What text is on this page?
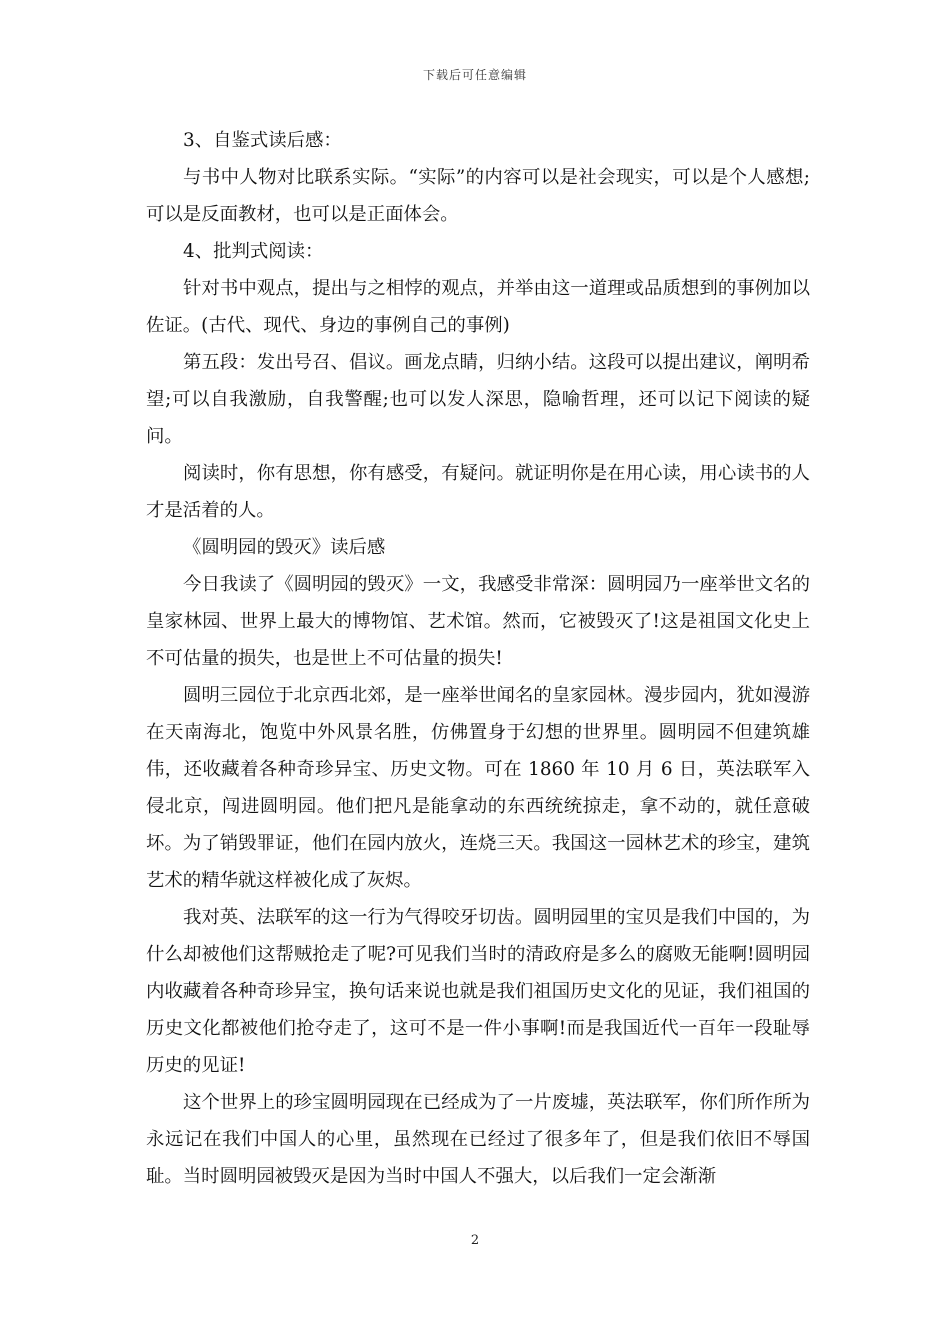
下载后可任意编辑

3、自鉴式读后感：

与书中人物对比联系实际。“实际”的内容可以是社会现实，可以是个人感想;可以是反面教材，也可以是正面体会。

4、批判式阅读：

针对书中观点，提出与之相悖的观点，并举由这一道理或品质想到的事例加以佐证。(古代、现代、身边的事例自己的事例)

第五段：发出号召、倡议。画龙点睛，归纳小结。这段可以提出建议，阐明希望;可以自我激励，自我警醒;也可以发人深思，隐喻哲理，还可以记下阅读的疑问。

阅读时，你有思想，你有感受，有疑问。就证明你是在用心读，用心读书的人才是活着的人。

《圆明园的毁灭》读后感

今日我读了《圆明园的毁灭》一文，我感受非常深：圆明园乃一座举世文名的皇家林园、世界上最大的博物馆、艺术馆。然而，它被毁灭了!这是祖国文化史上不可估量的损失，也是世上不可估量的损失!

圆明三园位于北京西北郊，是一座举世闻名的皇家园林。漫步园内，犹如漫游在天南海北，饱览中外风景名胜，仿佛置身于幻想的世界里。圆明园不但建筑雄伟，还收藏着各种奇珍异宝、历史文物。可在 1860 年 10 月 6 日，英法联军入侵北京，闯进圆明园。他们把凡是能拿动的东西统统掠走，拿不动的，就任意破坏。为了销毁罪证，他们在园内放火，连烧三天。我国这一园林艺术的珍宝，建筑艺术的精华就这样被化成了灰烬。

我对英、法联军的这一行为气得咬牙切齿。圆明园里的宝贝是我们中国的，为什么却被他们这帮贼抢走了呢?可见我们当时的清政府是多么的腐败无能啊!圆明园内收藏着各种奇珍异宝，换句话来说也就是我们祖国历史文化的见证，我们祖国的历史文化都被他们抢夺走了，这可不是一件小事啊!而是我国近代一百年一段耻辱历史的见证!

这个世界上的珍宝圆明园现在已经成为了一片废墟，英法联军，你们所作所为永远记在我们中国人的心里，虽然现在已经过了很多年了，但是我们依旧不辱国耻。当时圆明园被毁灭是因为当时中国人不强大，以后我们一定会渐渐

2
